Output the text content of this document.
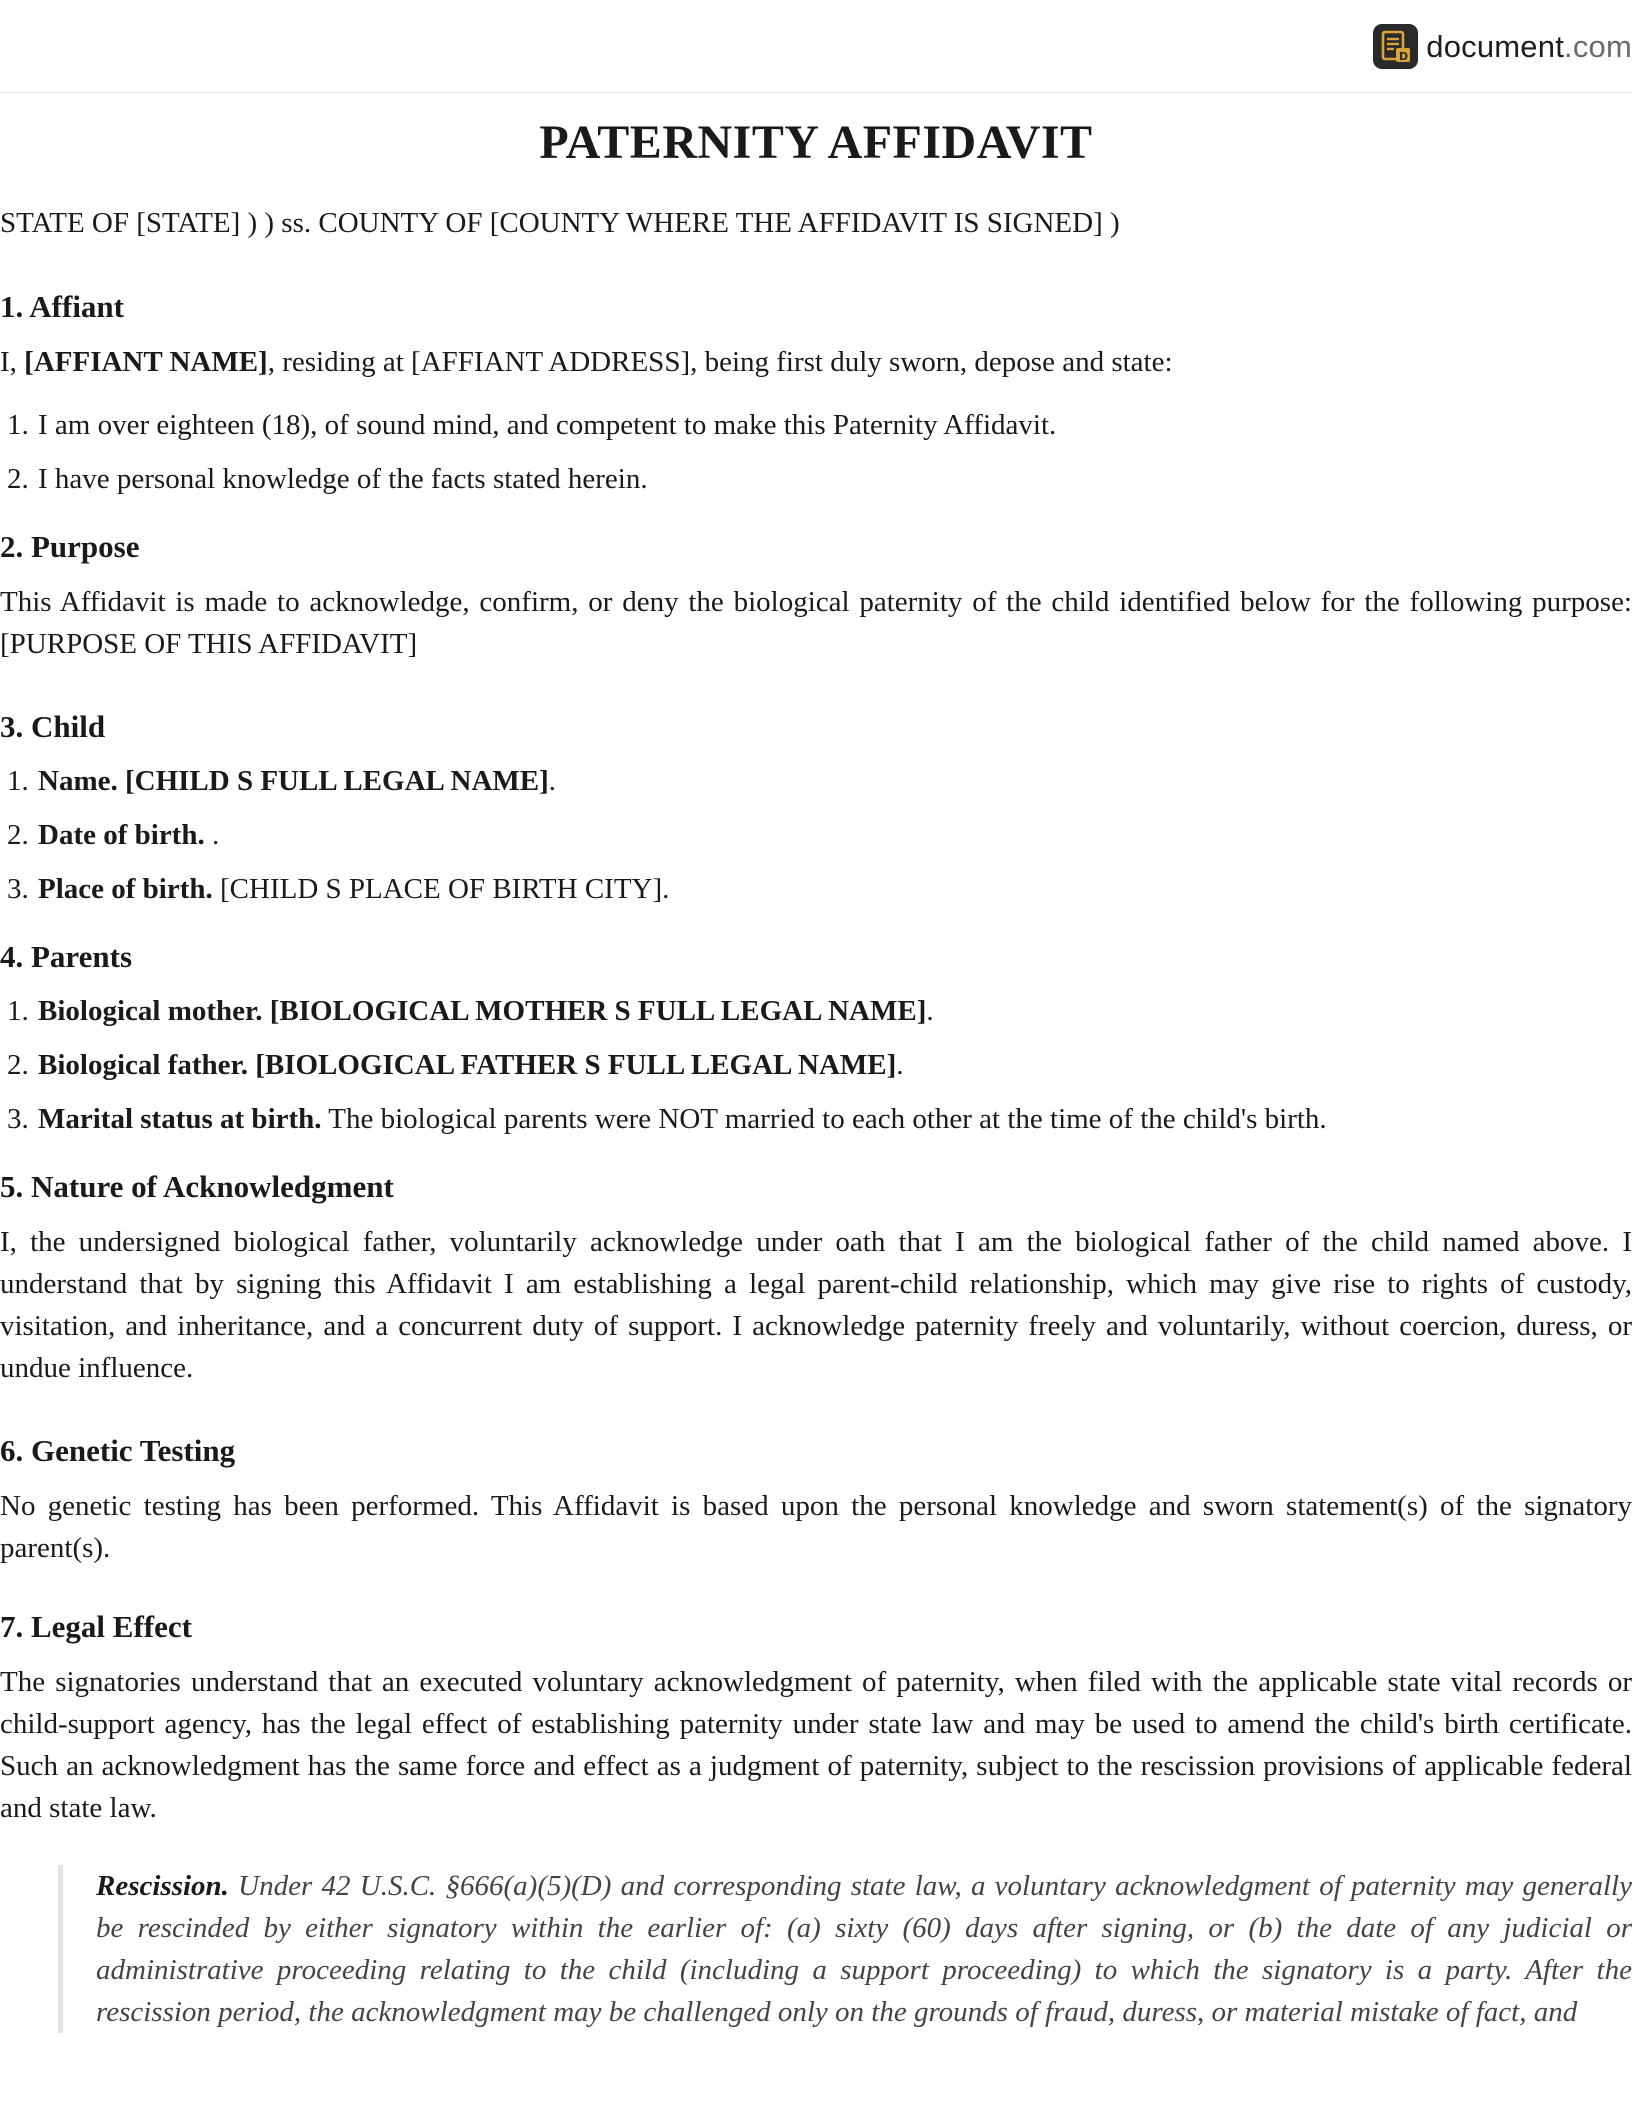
D document.com
PATERNITY AFFIDAVIT

STATE OF [STATE] ) ) ss. COUNTY OF [COUNTY WHERE THE AFFIDAVIT IS SIGNED] )

1. Affiant

I, [AFFIANT NAME], residing at [AFFIANT ADDRESS], being first duly sworn, depose and state:

1. I am over eighteen (18), of sound mind, and competent to make this Paternity Affidavit.
2. I have personal knowledge of the facts stated herein.
2. Purpose

This Affidavit is made to acknowledge, confirm, or deny the biological paternity of the child identified below for the following purpose: [PURPOSE OF THIS AFFIDAVIT]

3. Child
1. Name. [CHILD S FULL LEGAL NAME].
2. Date of birth. .
3. Place of birth. [CHILD S PLACE OF BIRTH CITY].
4. Parents
1. Biological mother. [BIOLOGICAL MOTHER S FULL LEGAL NAME].
2. Biological father. [BIOLOGICAL FATHER S FULL LEGAL NAME].
3. Marital status at birth. The biological parents were NOT married to each other at the time of the child's birth.
5. Nature of Acknowledgment

I, the undersigned biological father, voluntarily acknowledge under oath that I am the biological father of the child named above. I understand that by signing this Affidavit I am establishing a legal parent-child relationship, which may give rise to rights of custody, visitation, and inheritance, and a concurrent duty of support. I acknowledge paternity freely and voluntarily, without coercion, duress, or undue influence.

6. Genetic Testing

No genetic testing has been performed. This Affidavit is based upon the personal knowledge and sworn statement(s) of the signatory parent(s).

7. Legal Effect

The signatories understand that an executed voluntary acknowledgment of paternity, when filed with the applicable state vital records or child-support agency, has the legal effect of establishing paternity under state law and may be used to amend the child's birth certificate. Such an acknowledgment has the same force and effect as a judgment of paternity, subject to the rescission provisions of applicable federal and state law.

Rescission. Under 42 U.S.C. §666(a)(5)(D) and corresponding state law, a voluntary acknowledgment of paternity may generally be rescinded by either signatory within the earlier of: (a) sixty (60) days after signing, or (b) the date of any judicial or administrative proceeding relating to the child (including a support proceeding) to which the signatory is a party. After the rescission period, the acknowledgment may be challenged only on the grounds of fraud, duress, or material mistake of fact, and
